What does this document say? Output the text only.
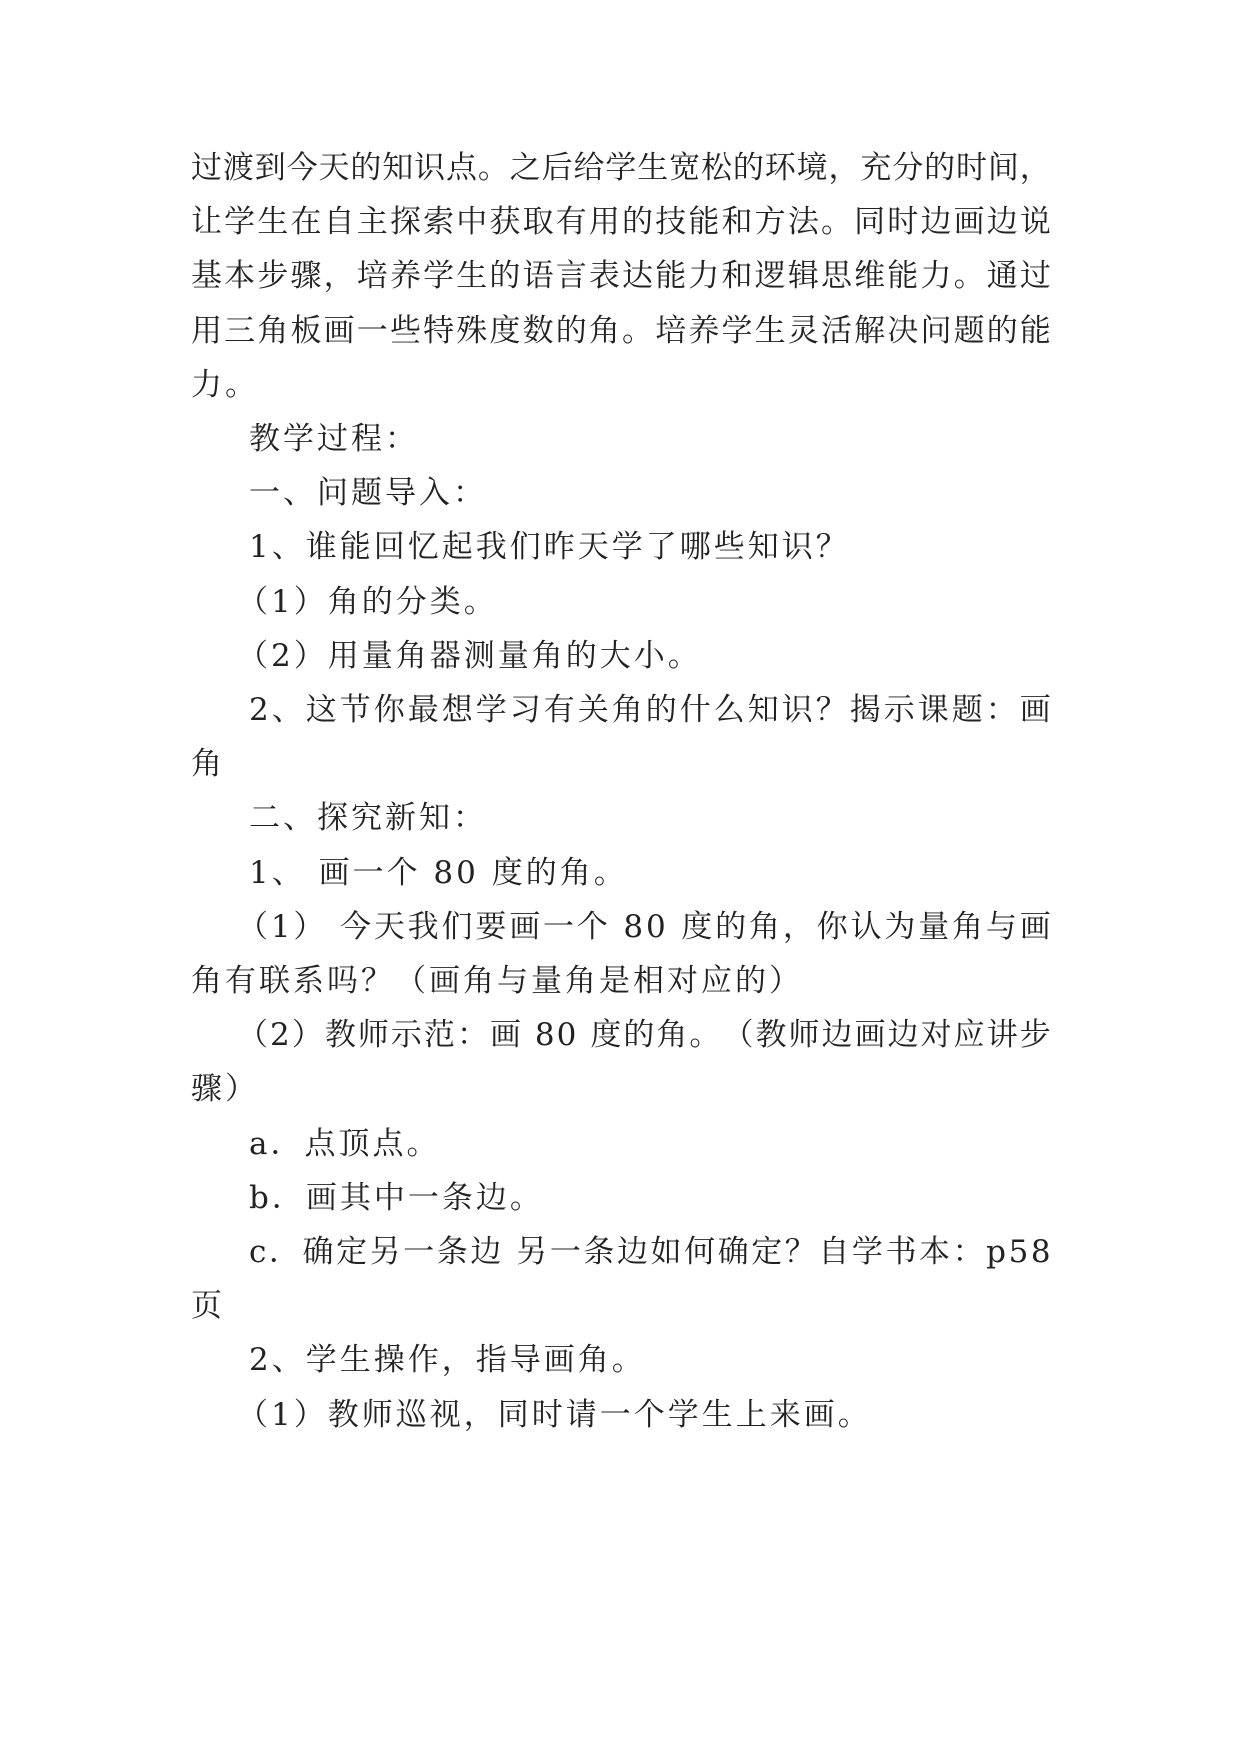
过 渡 到 今 天 的 知 识 点 。 之 后 给 学 生 宽 松 的 环 境 ， 充 分 的 时 间 ，
让 学 生 在 自 主 探 索 中 获 取 有 用 的 技 能 和 方 法 。 同 时 边 画 边 说
基 本 步 骤 ， 培 养 学 生 的 语 言 表 达 能 力 和 逻 辑 思 维 能 力 。 通 过
用 三 角 板 画 一 些 特 殊 度 数 的 角 。 培 养 学 生 灵 活 解 决 问 题 的 能
力。
教学过程：
一、问题导入：
1、谁能回忆起我们昨天学了哪些知识？
（1）角的分类。
（2）用量角器测量角的大小。
2 、 这 节 你 最 想 学 习 有 关 角 的 什 么 知 识 ？ 揭 示 课 题 ： 画
角
二、探究新知：
1、 画一个 80 度的角。
（ 1 ）
今 天 我 们 要 画 一 个
8 0
度 的 角 ， 你 认 为 量 角 与 画
角有联系吗？（画角与量角是相对应的）
（ 2 ） 教 师 示 范 ： 画
8 0
度 的 角 。 （ 教 师 边 画 边 对 应 讲 步
骤）
a．点顶点。
b．画其中一条边。
c ． 确 定 另 一 条 边
另 一 条 边 如 何 确 定 ？ 自 学 书 本 ： p 5 8
页
2、学生操作，指导画角。
（1）教师巡视，同时请一个学生上来画。
